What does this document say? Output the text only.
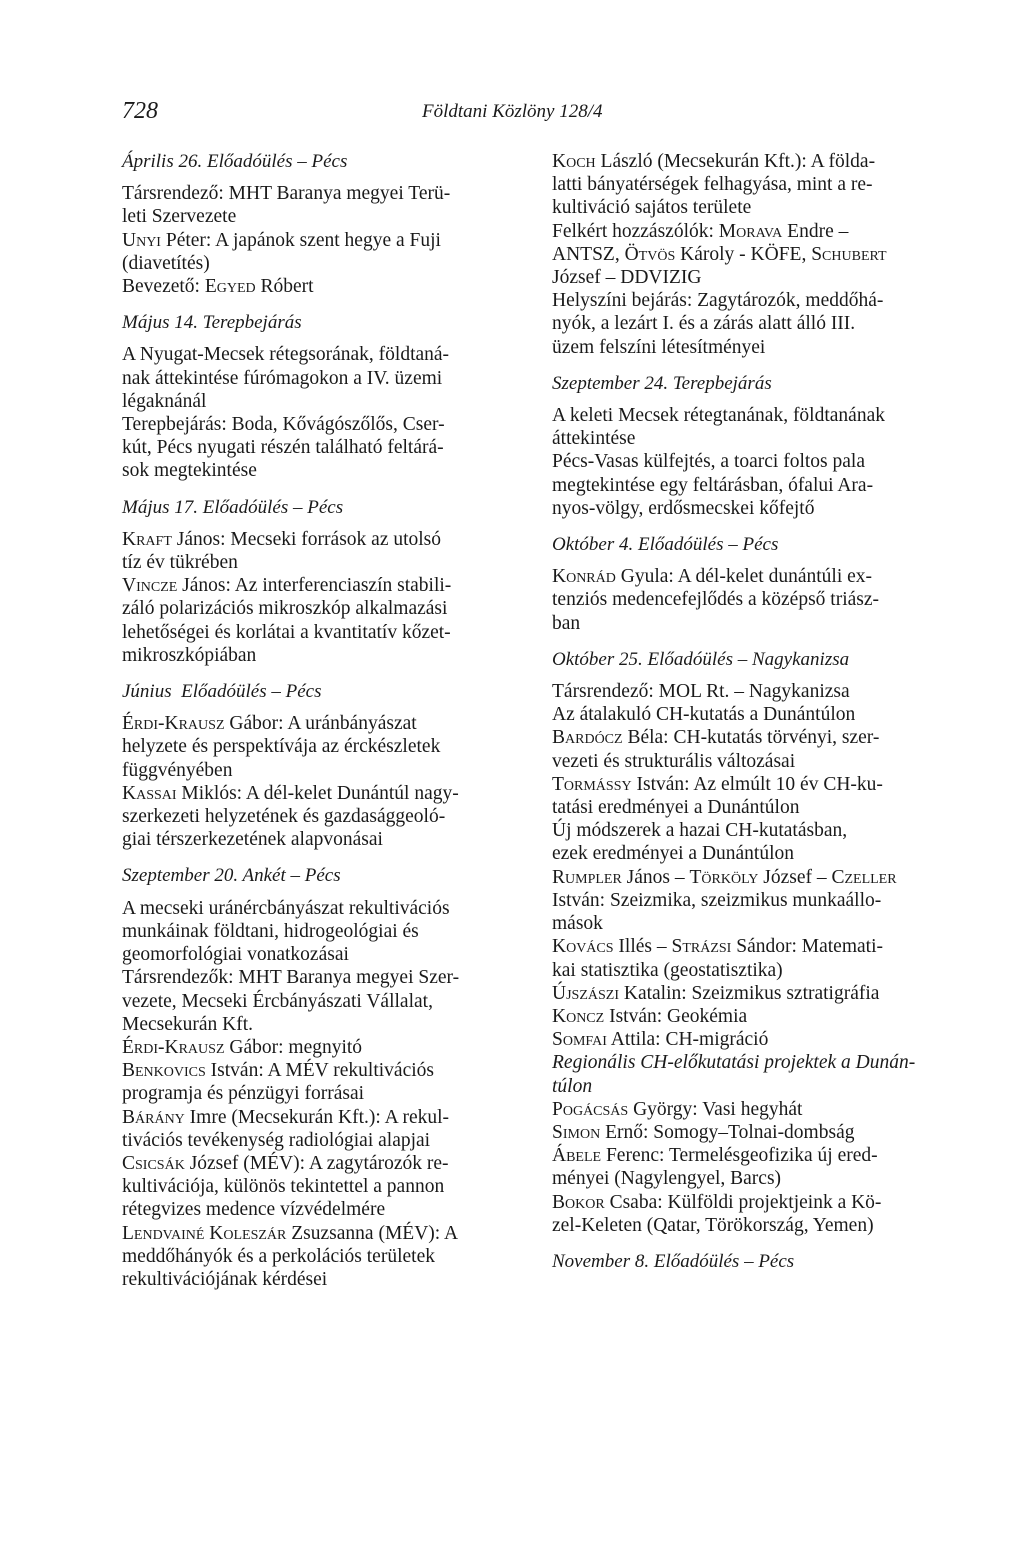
728	Földtani Közlöny 128/4

Április 26. Előadóülés – Pécs

Társrendező: MHT Baranya megyei Terü-

leti Szervezete

Unyi Péter: A japánok szent hegye a Fuji

(diavetítés)

Bevezető: Egyed Róbert

Május 14. Terepbejárás

A Nyugat-Mecsek rétegsorának, földtaná-

nak áttekintése fúrómagokon a IV. üzemi

légaknánál

Terepbejárás: Boda, Kővágószőlős, Cser-

kút, Pécs nyugati részén található feltárá-

sok megtekintése

Május 17. Előadóülés – Pécs

Kraft János: Mecseki források az utolsó

tíz év tükrében

Vincze János: Az interferenciaszín stabili-

záló polarizációs mikroszkóp alkalmazási

lehetőségei és korlátai a kvantitatív kőzet-

mikroszkópiában

Június  Előadóülés – Pécs

Érdi-Krausz Gábor: A uránbányászat

helyzete és perspektívája az érckészletek

függvényében

Kassai Miklós: A dél-kelet Dunántúl nagy-

szerkezeti helyzetének és gazdasággeoló-

giai térszerkezetének alapvonásai

Szeptember 20. Ankét – Pécs

A mecseki uránércbányászat rekultivációs

munkáinak földtani, hidrogeológiai és

geomorfológiai vonatkozásai

Társrendezők: MHT Baranya megyei Szer-

vezete, Mecseki Ércbányászati Vállalat,

Mecsekurán Kft.

Érdi-Krausz Gábor: megnyitó

Benkovics István: A MÉV rekultivációs

programja és pénzügyi forrásai

Bárány Imre (Mecsekurán Kft.): A rekul-

tivációs tevékenység radiológiai alapjai

Csicsák József (MÉV): A zagytározók re-

kultivációja, különös tekintettel a pannon

rétegvizes medence vízvédelmére

Lendvainé Koleszár Zsuzsanna (MÉV): A

meddőhányók és a perkolációs területek

rekultivációjának kérdései

Koch László (Mecsekurán Kft.): A földa-

latti bányatérségek felhagyása, mint a re-

kultiváció sajátos területe

Felkért hozzászólók: Morava Endre –

ANTSZ, Ötvös Károly - KÖFE, Schubert

József – DDVIZIG

Helyszíni bejárás: Zagytározók, meddőhá-

nyók, a lezárt I. és a zárás alatt álló III.

üzem felszíni létesítményei

Szeptember 24. Terepbejárás

A keleti Mecsek rétegtanának, földtanának

áttekintése

Pécs-Vasas külfejtés, a toarci foltos pala

megtekintése egy feltárásban, ófalui Ara-

nyos-völgy, erdősmecskei kőfejtő

Október 4. Előadóülés – Pécs

Konrád Gyula: A dél-kelet dunántúli ex-

tenziós medencefejlődés a középső triász-

ban

Október 25. Előadóülés – Nagykanizsa

Társrendező: MOL Rt. – Nagykanizsa

Az átalakuló CH-kutatás a Dunántúlon

Bardócz Béla: CH-kutatás törvényi, szer-

vezeti és strukturális változásai

Tormássy István: Az elmúlt 10 év CH-ku-

tatási eredményei a Dunántúlon

Új módszerek a hazai CH-kutatásban,

ezek eredményei a Dunántúlon

Rumpler János – Törköly József – Czeller

István: Szeizmika, szeizmikus munkaállo-

mások

Kovács Illés – Strázsi Sándor: Matemati-

kai statisztika (geostatisztika)

Újszászi Katalin: Szeizmikus sztratigráfia

Koncz István: Geokémia

Somfai Attila: CH-migráció

Regionális CH-előkutatási projektek a Dunán-

túlon

Pogácsás György: Vasi hegyhát

Simon Ernő: Somogy–Tolnai-dombság

Ábele Ferenc: Termelésgeofizika új ered-

ményei (Nagylengyel, Barcs)

Bokor Csaba: Külföldi projektjeink a Kö-

zel-Keleten (Qatar, Törökország, Yemen)

November 8. Előadóülés – Pécs
